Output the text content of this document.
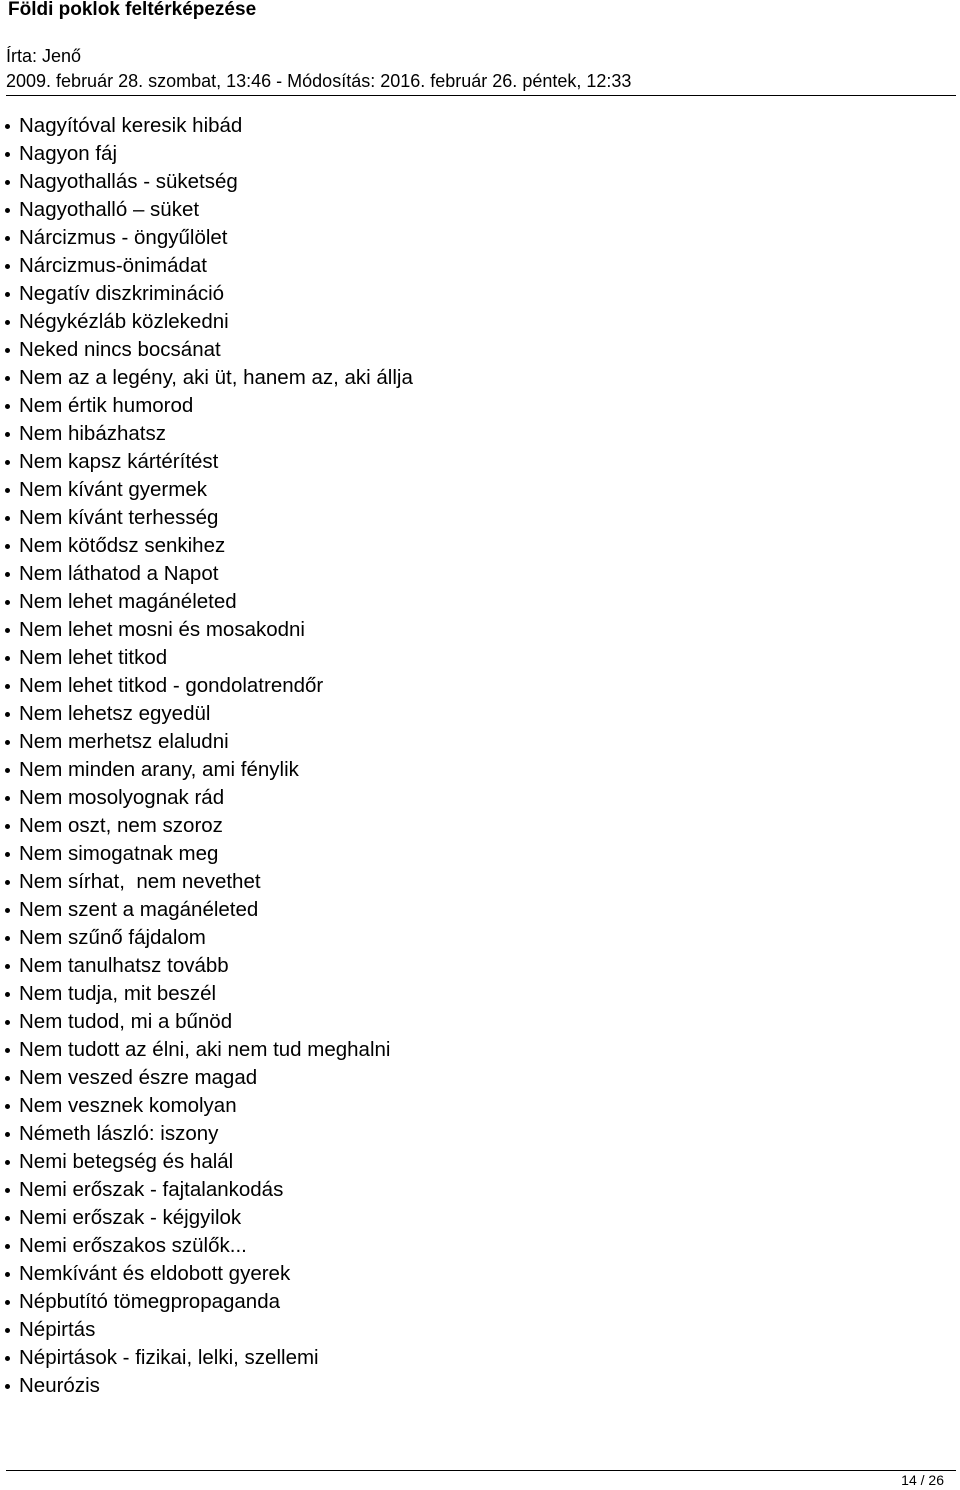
Földi poklok feltérképezése
Írta: Jenő
2009. február 28. szombat, 13:46 - Módosítás: 2016. február 26. péntek, 12:33
Nagyítóval keresik hibád
Nagyon fáj
Nagyothallás - süketség
Nagyothalló – süket
Nárcizmus - öngyűlölet
Nárcizmus-önimádat
Negatív diszkrimináció
Négykézláb közlekedni
Neked nincs bocsánat
Nem az a legény, aki üt, hanem az, aki állja
Nem értik humorod
Nem hibázhatsz
Nem kapsz kártérítést
Nem kívánt gyermek
Nem kívánt terhesség
Nem kötődsz senkihez
Nem láthatod a Napot
Nem lehet magánéleted
Nem lehet mosni és mosakodni
Nem lehet titkod
Nem lehet titkod - gondolatrendőr
Nem lehetsz egyedül
Nem merhetsz elaludni
Nem minden arany, ami fénylik
Nem mosolyognak rád
Nem oszt, nem szoroz
Nem simogatnak meg
Nem sírhat,  nem nevethet
Nem szent a magánéleted
Nem szűnő fájdalom
Nem tanulhatsz tovább
Nem tudja, mit beszél
Nem tudod, mi a bűnöd
Nem tudott az élni, aki nem tud meghalni
Nem veszed észre magad
Nem vesznek komolyan
Németh lászló: iszony
Nemi betegség és halál
Nemi erőszak - fajtalankodás
Nemi erőszak - kéjgyilok
Nemi erőszakos szülők...
Nemkívánt és eldobott gyerek
Népbutító tömegpropaganda
Népirtás
Népirtások - fizikai, lelki, szellemi
Neurózis
14 / 26
